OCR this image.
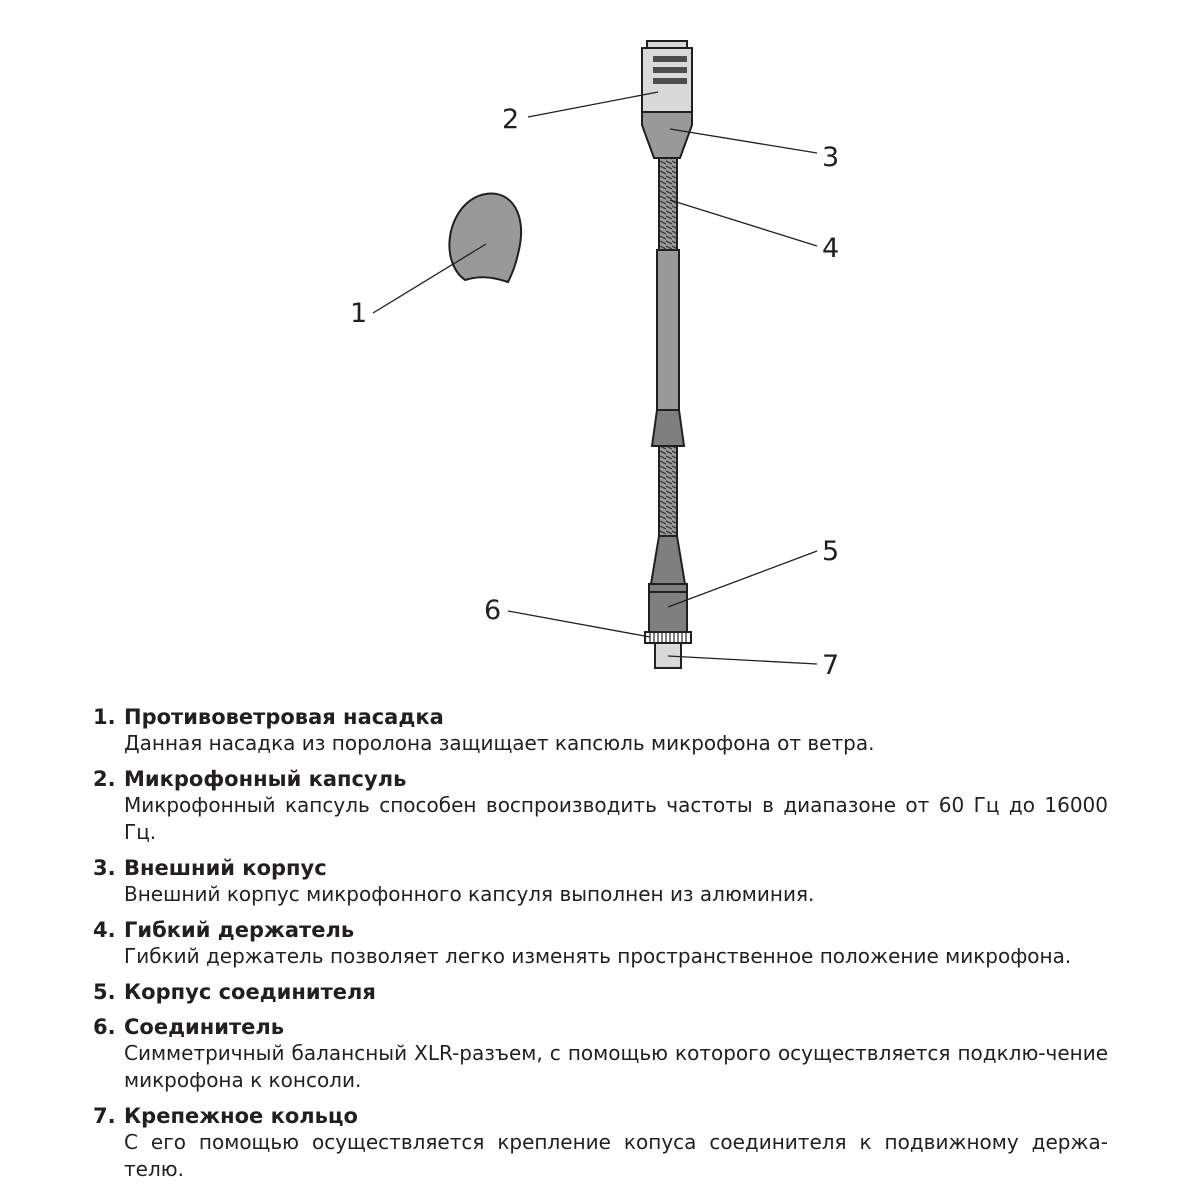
1
2
3
4
5
6
7
1. Противоветровая насадка
Данная насадка из поролона защищает капсюль микрофона от ветра.
2. Микрофонный капсуль
Микрофонный капсуль способен воспроизводить частоты в диапазоне от 60 Гц до 16000 Гц.
3. Внешний корпус
Внешний корпус микрофонного капсуля выполнен из алюминия.
4. Гибкий держатель
Гибкий держатель позволяет легко изменять пространственное положение микрофона.
5. Корпус соединителя
6. Соединитель
Симметричный балансный XLR-разъем, с помощью которого осуществляется подклю-чение микрофона к консоли.
7. Крепежное кольцо
С его помощью осуществляется крепление копуса соединителя к подвижному держа-телю.
